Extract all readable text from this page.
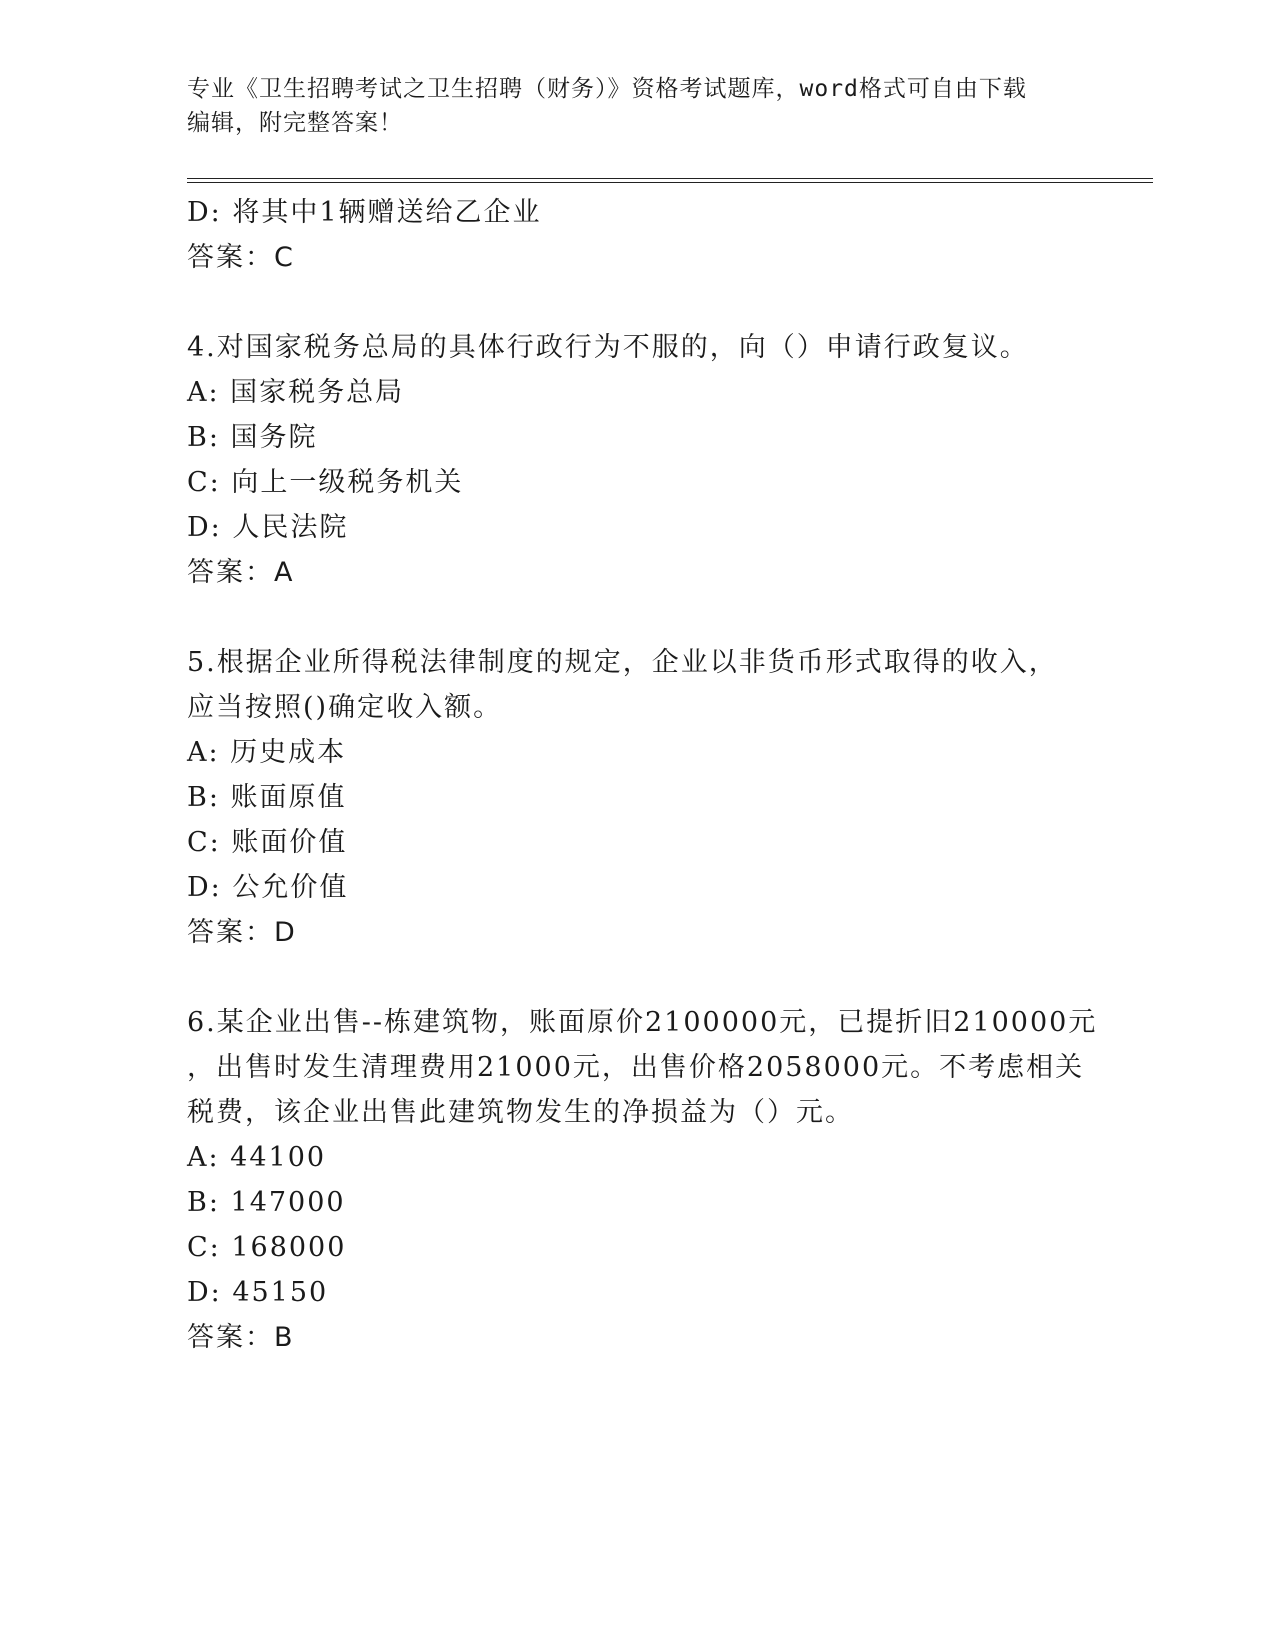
专业《卫生招聘考试之卫生招聘（财务）》资格考试题库，word格式可自由下载
编辑，附完整答案！
D: 将其中1辆赠送给乙企业
答案：C
4.对国家税务总局的具体行政行为不服的，向（）申请行政复议。
A: 国家税务总局
B: 国务院
C: 向上一级税务机关
D: 人民法院
答案：A
5.根据企业所得税法律制度的规定，企业以非货币形式取得的收入，
应当按照()确定收入额。
A: 历史成本
B: 账面原值
C: 账面价值
D: 公允价值
答案：D
6.某企业出售--栋建筑物，账面原价2100000元，已提折旧210000元
，出售时发生清理费用21000元，出售价格2058000元。不考虑相关
税费，该企业出售此建筑物发生的净损益为（）元。
A: 44100
B: 147000
C: 168000
D: 45150
答案：B
